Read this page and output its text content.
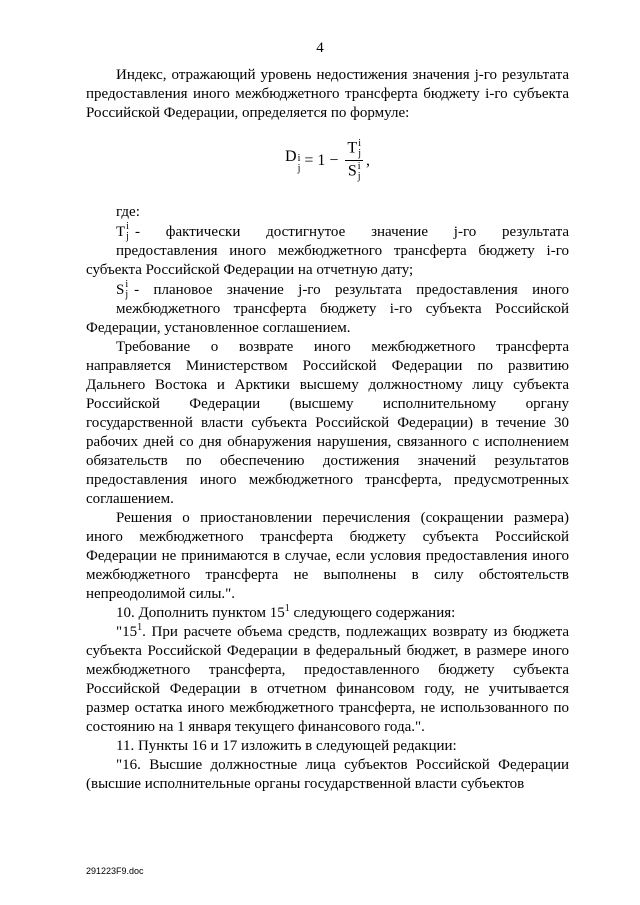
4

Индекс, отражающий уровень недостижения значения j-го результата предоставления иного межбюджетного трансферта бюджету i-го субъекта Российской Федерации, определяется по формуле:

D i
j = 1 − T i
j
S i
j ,

где:

T i
j - фактически достигнутое значение j-го результата

предоставления иного межбюджетного трансферта бюджету i-го субъекта Российской Федерации на отчетную дату;

S i
j - плановое значение j-го результата предоставления иного

межбюджетного трансферта бюджету i-го субъекта Российской Федерации, установленное соглашением.

Требование о возврате иного межбюджетного трансферта направляется Министерством Российской Федерации по развитию Дальнего Востока и Арктики высшему должностному лицу субъекта Российской Федерации (высшему исполнительному органу государственной власти субъекта Российской Федерации) в течение 30 рабочих дней со дня обнаружения нарушения, связанного с исполнением обязательств по обеспечению достижения значений результатов предоставления иного межбюджетного трансферта, предусмотренных соглашением.

Решения о приостановлении перечисления (сокращении размера) иного межбюджетного трансферта бюджету субъекта Российской Федерации не принимаются в случае, если условия предоставления иного межбюджетного трансферта не выполнены в силу обстоятельств непреодолимой силы.".

10. Дополнить пунктом $15^1$ следующего содержания:

"$15^1$. При расчете объема средств, подлежащих возврату из бюджета субъекта Российской Федерации в федеральный бюджет, в размере иного межбюджетного трансферта, предоставленного бюджету субъекта Российской Федерации в отчетном финансовом году, не учитывается размер остатка иного межбюджетного трансферта, не использованного по состоянию на 1 января текущего финансового года.".

11. Пункты 16 и 17 изложить в следующей редакции:

"16. Высшие должностные лица субъектов Российской Федерации (высшие исполнительные органы государственной власти субъектов

291223F9.doc
